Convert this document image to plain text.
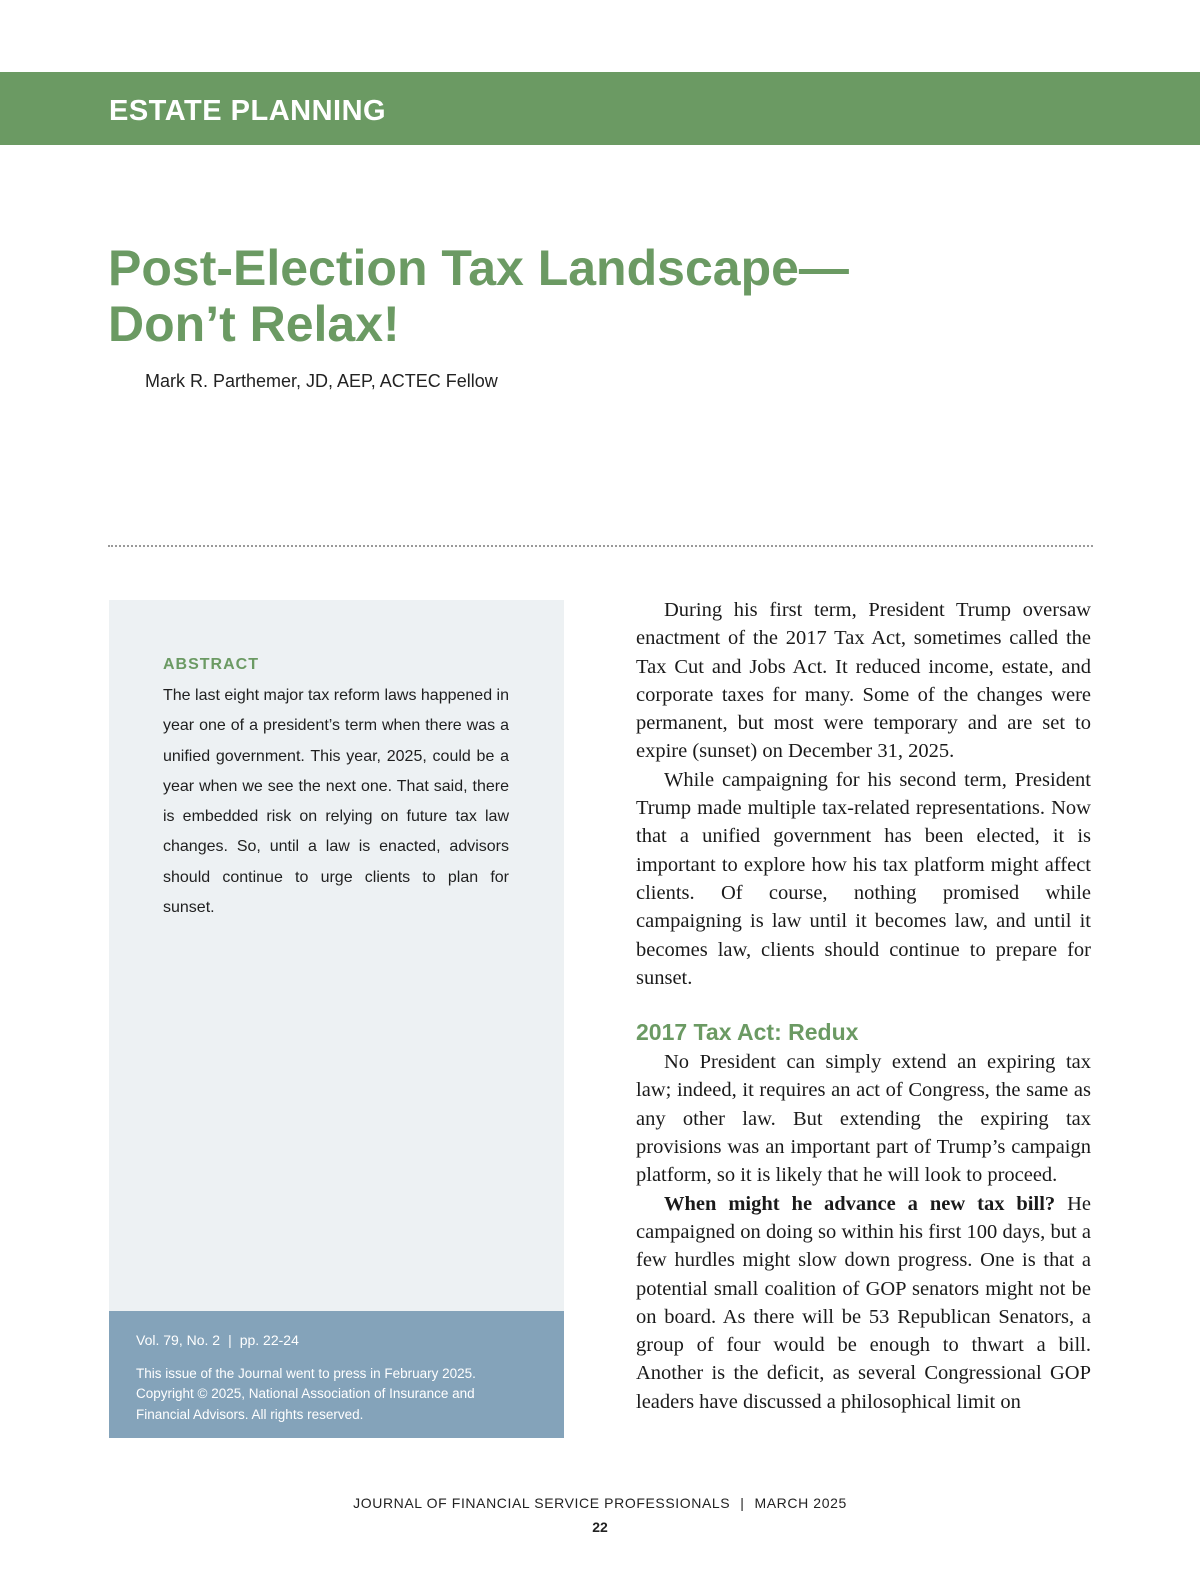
ESTATE PLANNING
Post-Election Tax Landscape— Don’t Relax!
Mark R. Parthemer, JD, AEP, ACTEC Fellow
ABSTRACT

The last eight major tax reform laws happened in year one of a president’s term when there was a unified government. This year, 2025, could be a year when we see the next one. That said, there is embedded risk on relying on future tax law changes. So, until a law is enacted, advisors should continue to urge clients to plan for sunset.

Vol. 79, No. 2 | pp. 22-24

This issue of the Journal went to press in February 2025. Copyright © 2025, National Association of Insurance and Financial Advisors. All rights reserved.

During his first term, President Trump oversaw enactment of the 2017 Tax Act, sometimes called the Tax Cut and Jobs Act. It reduced income, estate, and corporate taxes for many. Some of the changes were permanent, but most were temporary and are set to expire (sunset) on December 31, 2025.

While campaigning for his second term, President Trump made multiple tax-related representations. Now that a unified government has been elected, it is important to explore how his tax platform might affect clients. Of course, nothing promised while campaigning is law until it becomes law, and until it becomes law, clients should continue to prepare for sunset.

2017 Tax Act: Redux

No President can simply extend an expiring tax law; indeed, it requires an act of Congress, the same as any other law. But extending the expiring tax provisions was an important part of Trump’s campaign platform, so it is likely that he will look to proceed.

When might he advance a new tax bill? He campaigned on doing so within his first 100 days, but a few hurdles might slow down progress. One is that a potential small coalition of GOP senators might not be on board. As there will be 53 Republican Senators, a group of four would be enough to thwart a bill. Another is the deficit, as several Congressional GOP leaders have discussed a philosophical limit on

JOURNAL OF FINANCIAL SERVICE PROFESSIONALS | MARCH 2025
22
